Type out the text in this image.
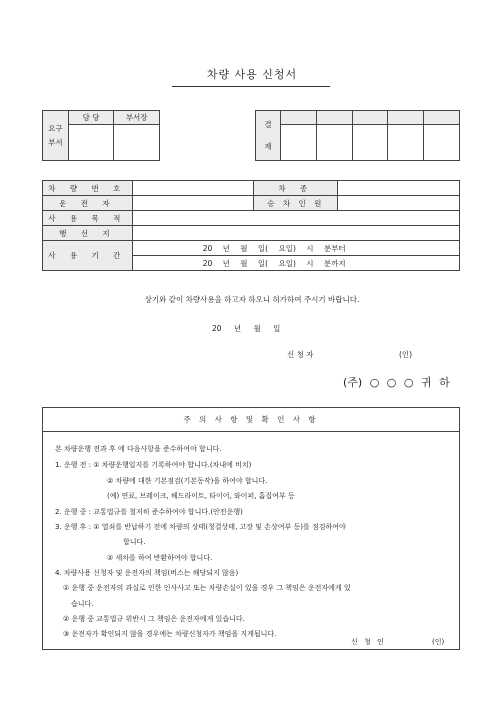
차량 사용 신청서
요구
부서	담 당	부서장

결
재					

차 량 번 호		차 종	
운 전 자		승 차 인 원	
사 용 목 적			
행 선 지			
사 용 기 간	20 년 월 일( 요일) 시 분부터		
	20 년 월 일( 요일) 시 분까지		
상기와 같이 차량사용을 하고자 하오니 허가하여 주시기 바랍니다.
20 년 월 일
신 청 자	(인)
(주) ○ ○ ○ 귀 하
주 의 사 항 및 확 인 사 항
본 차량운행 전과 후 에 다음사항을 준수하여야 합니다.
1. 운행 전 : ① 차량운행일지를 기록하여야 합니다.(차내에 비치)
② 차량에 대한 기본점검(기본동작)을 하여야 합니다.
(예) 연료, 브레이크, 헤드라이트, 타이어, 와이퍼, 흡집여부 등
2. 운행 중 : 교통법규를 철저히 준수하여야 합니다.(안전운행)
3. 운행 후 : ① 열쇠를 반납하기 전에 차량의 상태(청결상태, 고장 및 손상여부 등)를 점검하여야
합니다.
② 세차를 하여 반환하여야 합니다.
4. 차량사용 신청자 및 운전자의 책임(버스는 해당되지 않음)
① 운행 중 운전자의 과실로 인한 인사사고 또는 차량손실이 있을 경우 그 책임은 운전자에게 있
습니다.
② 운행 중 교통법규 위반시 그 책임은 운전자에게 있습니다.
③ 운전자가 확인되지 않을 경우에는 차량신청자가 책임을 지게됩니다.
신 청 인	(인)
